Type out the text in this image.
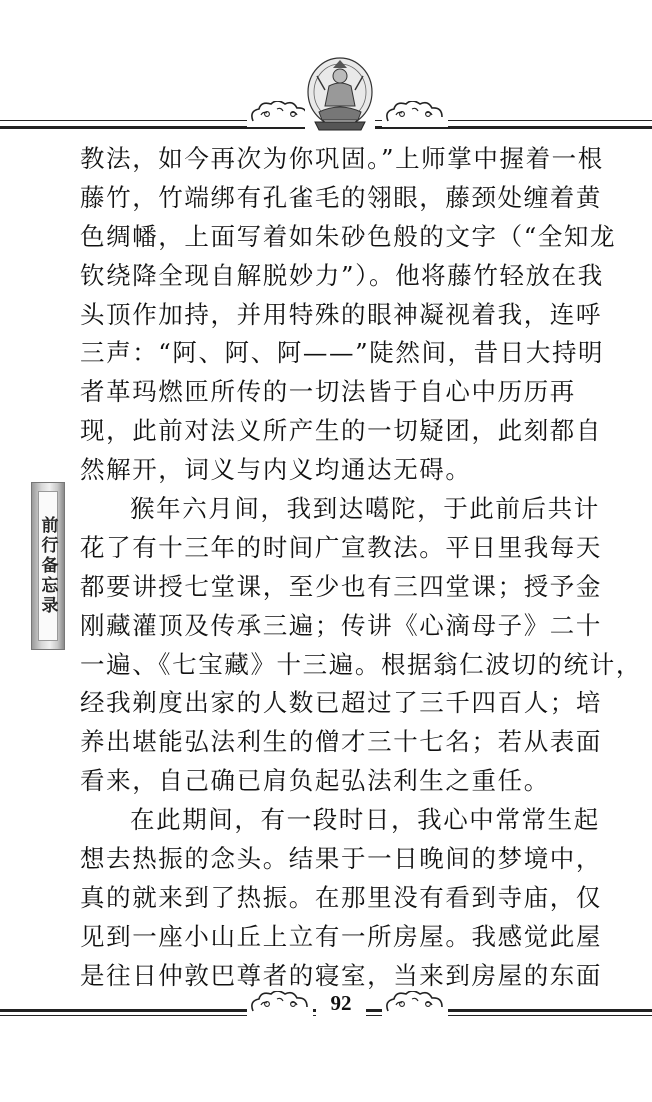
前行备忘录
教法，如今再次为你巩固。”上师掌中握着一根
藤竹，竹端绑有孔雀毛的翎眼，藤颈处缠着黄
色绸幡，上面写着如朱砂色般的文字（“全知龙
钦绕降全现自解脱妙力”）。他将藤竹轻放在我
头顶作加持，并用特殊的眼神凝视着我，连呼
三声：“阿、阿、阿——”陡然间，昔日大持明
者革玛燃匝所传的一切法皆于自心中历历再
现，此前对法义所产生的一切疑团，此刻都自
然解开，词义与内义均通达无碍。
猴年六月间，我到达噶陀，于此前后共计
花了有十三年的时间广宣教法。平日里我每天
都要讲授七堂课，至少也有三四堂课；授予金
刚藏灌顶及传承三遍；传讲《心滴母子》二十
一遍、《七宝藏》十三遍。根据翁仁波切的统计，
经我剃度出家的人数已超过了三千四百人；培
养出堪能弘法利生的僧才三十七名；若从表面
看来，自己确已肩负起弘法利生之重任。
在此期间，有一段时日，我心中常常生起
想去热振的念头。结果于一日晚间的梦境中，
真的就来到了热振。在那里没有看到寺庙，仅
见到一座小山丘上立有一所房屋。我感觉此屋
是往日仲敦巴尊者的寝室，当来到房屋的东面
92
